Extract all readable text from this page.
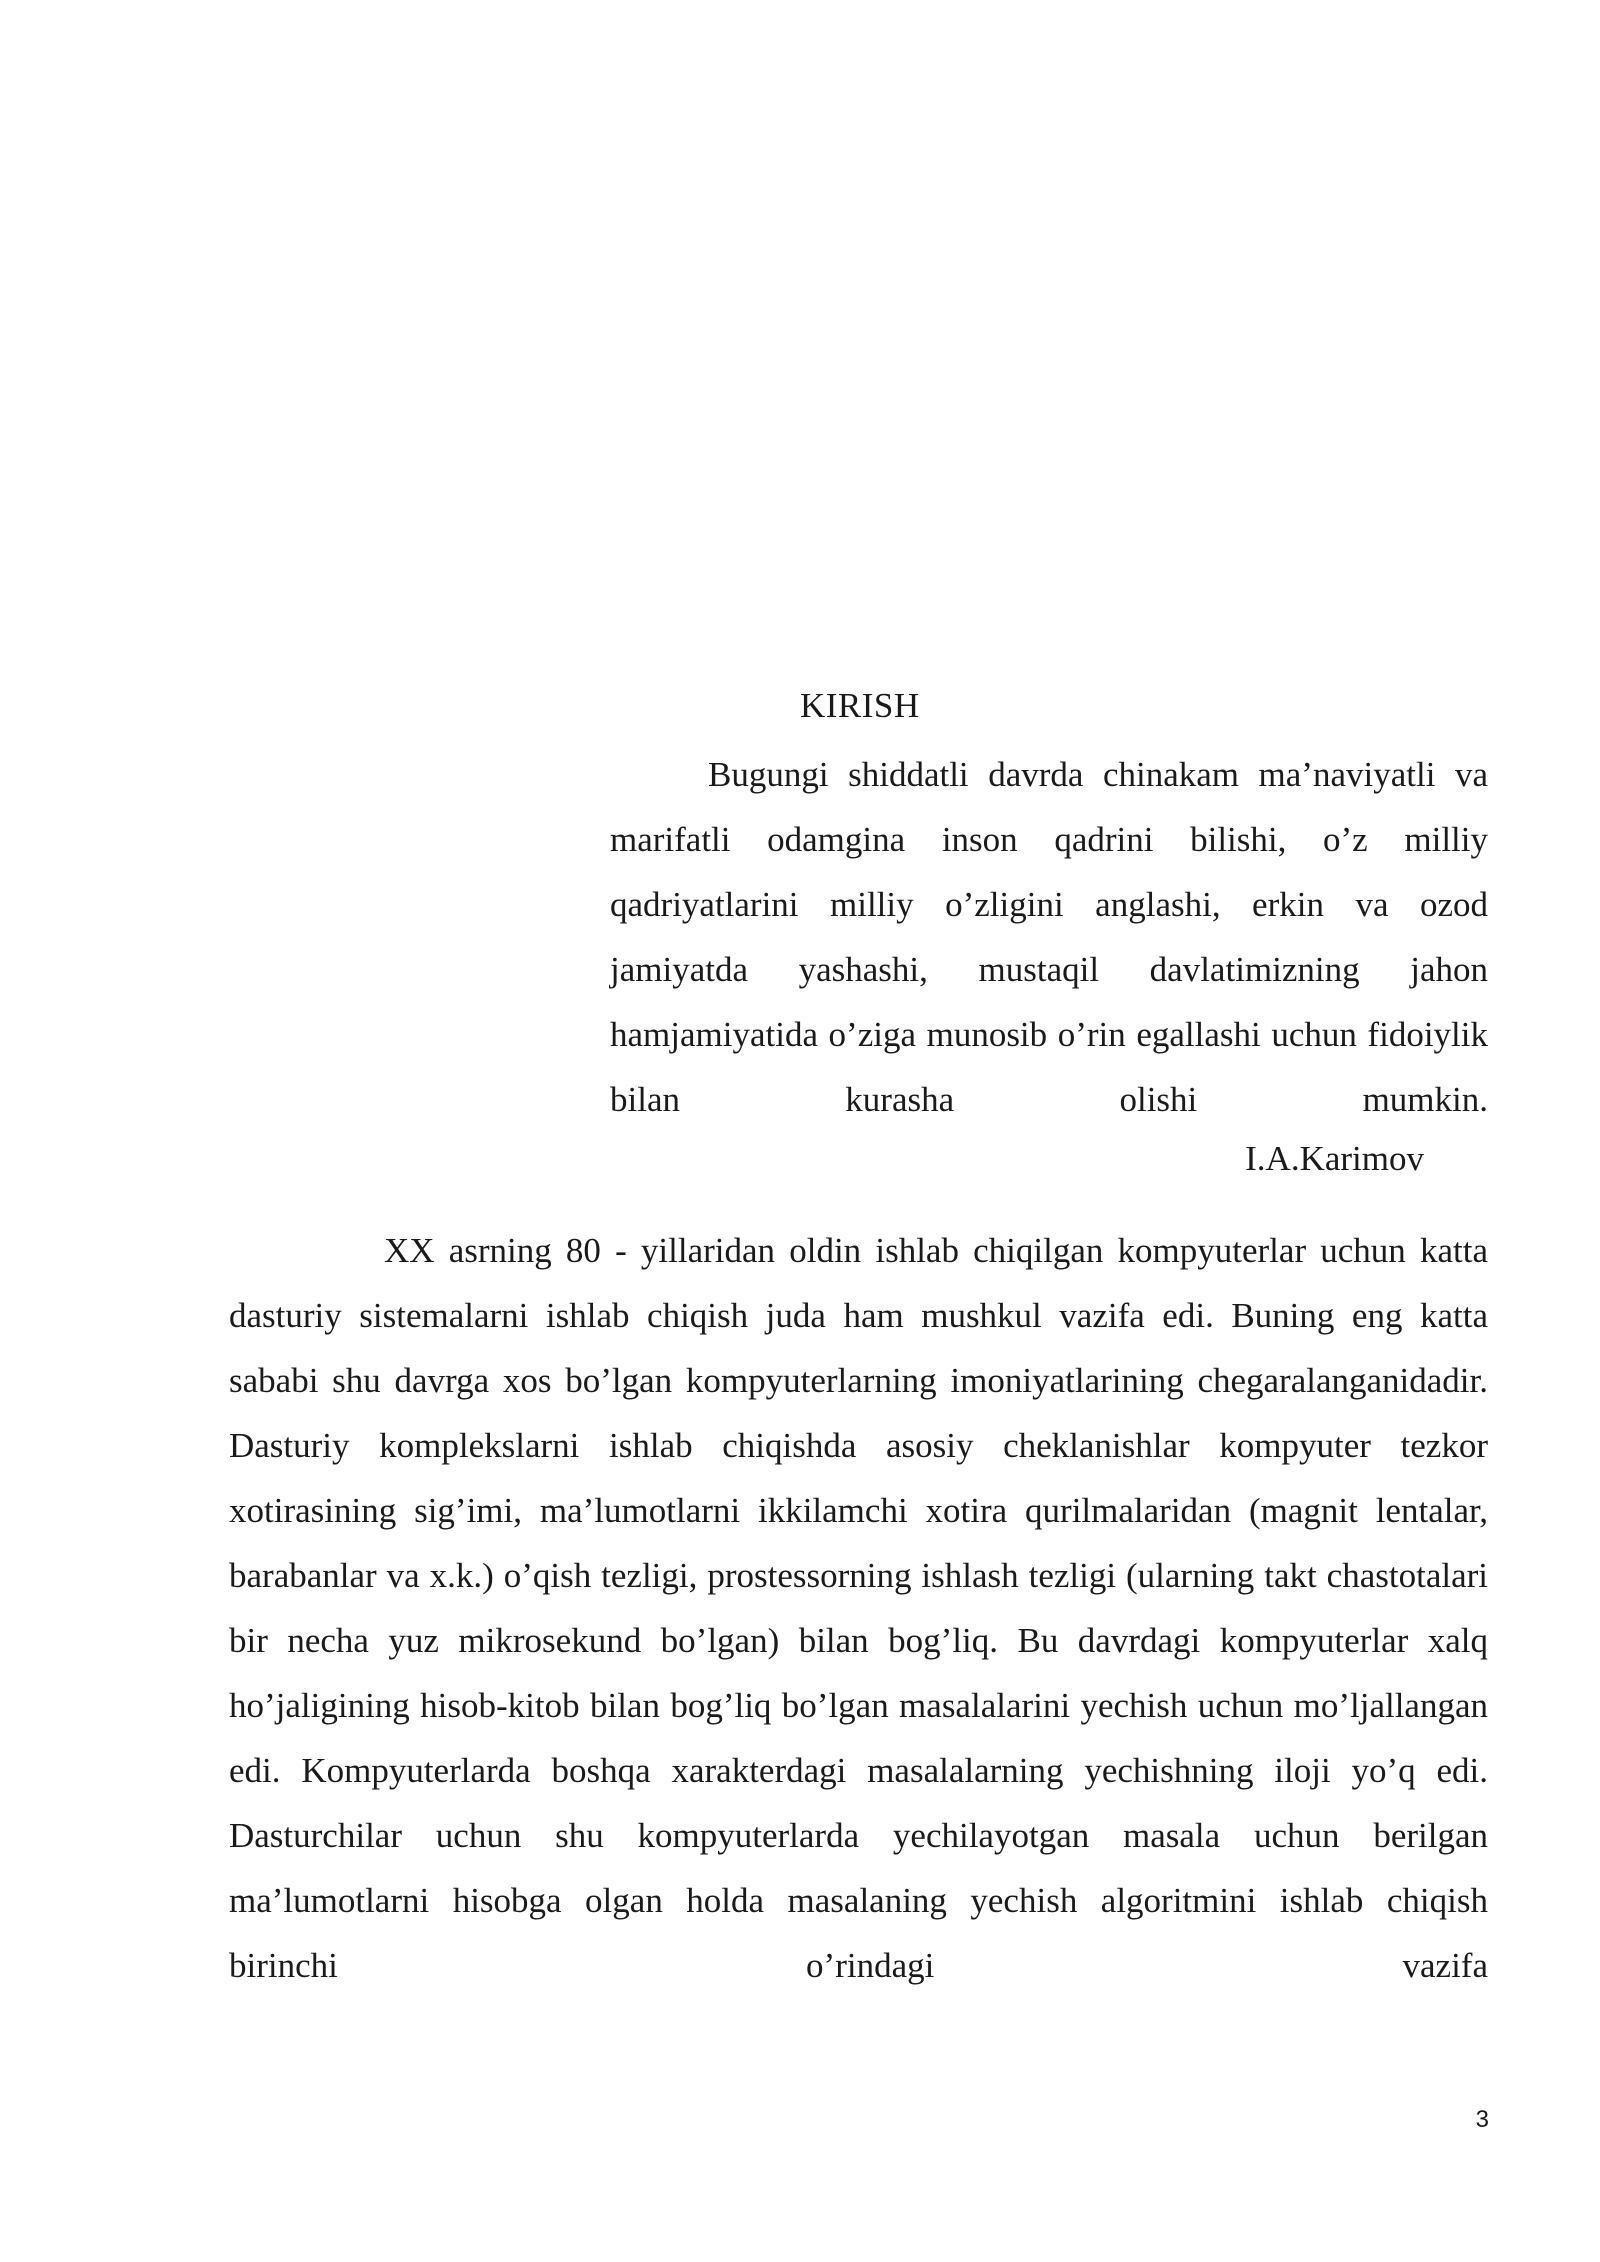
KIRISH

Bugungi shiddatli davrda chinakam ma’naviyatli va marifatli odamgina inson qadrini bilishi, o’z milliy qadriyatlarini milliy o’zligini anglashi, erkin va ozod jamiyatda yashashi, mustaqil davlatimizning jahon hamjamiyatida o’ziga munosib o’rin egallashi uchun fidoiylik bilan kurasha olishi mumkin.

I.A.Karimov

XX asrning 80 - yillaridan oldin ishlab chiqilgan kompyuterlar uchun katta dasturiy sistemalarni ishlab chiqish juda ham mushkul vazifa edi. Buning eng katta sababi shu davrga xos bo’lgan kompyuterlarning imoniyatlarining chegaralanganidadir. Dasturiy komplekslarni ishlab chiqishda asosiy cheklanishlar kompyuter tezkor xotirasining sig’imi, ma’lumotlarni ikkilamchi xotira qurilmalaridan (magnit lentalar, barabanlar va x.k.) o’qish tezligi, prostessorning ishlash tezligi (ularning takt chastotalari bir necha yuz mikrosekund bo’lgan) bilan bog’liq. Bu davrdagi kompyuterlar xalq ho’jaligining hisob-kitob bilan bog’liq bo’lgan masalalarini yechish uchun mo’ljallangan edi. Kompyuterlarda boshqa xarakterdagi masalalarning yechishning iloji yo’q edi. Dasturchilar uchun shu kompyuterlarda yechilayotgan masala uchun berilgan ma’lumotlarni hisobga olgan holda masalaning yechish algoritmini ishlab chiqish birinchi o’rindagi vazifa

3
